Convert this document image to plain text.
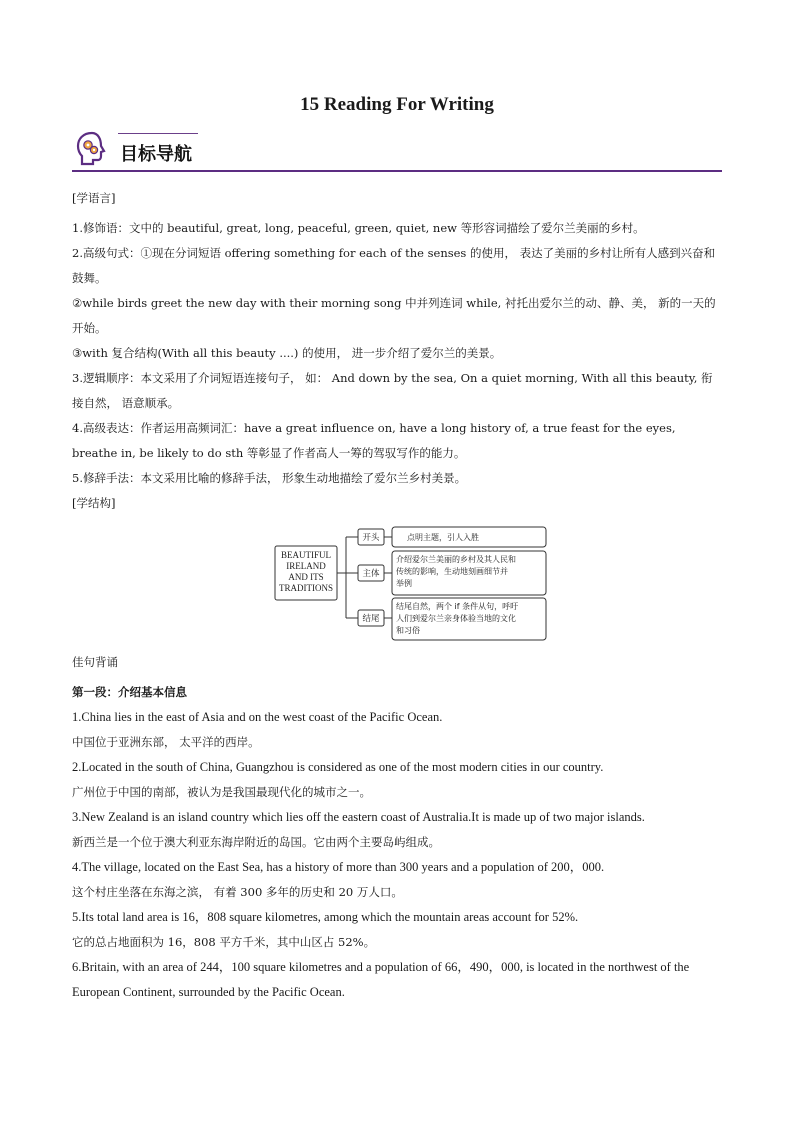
15 Reading For Writing
目标导航

[学语言]

1.修饰语：文中的 beautiful, great, long, peaceful, green, quiet, new 等形容词描绘了爱尔兰美丽的乡村。

2.高级句式：①现在分词短语 offering something for each of the senses 的使用， 表达了美丽的乡村让所有人感到兴奋和鼓舞。

②while birds greet the new day with their morning song 中并列连词 while, 衬托出爱尔兰的动、静、美， 新的一天的开始。

③with 复合结构(With all this beauty ....) 的使用， 进一步介绍了爱尔兰的美景。

3.逻辑顺序：本文采用了介词短语连接句子， 如： And down by the sea, On a quiet morning, With all this beauty, 衔接自然， 语意顺承。

4.高级表达：作者运用高频词汇：have a great influence on, have a long history of, a true feast for the eyes, breathe in, be likely to do sth 等彰显了作者高人一筹的驾驭写作的能力。

5.修辞手法：本文采用比喻的修辞手法， 形象生动地描绘了爱尔兰乡村美景。

[学结构]

BEAUTIFUL
IRELAND
AND ITS
TRADITIONS
开头
主体
结尾
点明主题，引人入胜
介绍爱尔兰美丽的乡村及其人民和
传统的影响，生动地刻画细节并
举例
结尾自然，两个 if 条件从句，呼吁
人们到爱尔兰亲身体验当地的文化
和习俗

佳句背诵

第一段：介绍基本信息

1.China lies in the east of Asia and on the west coast of the Pacific Ocean.

中国位于亚洲东部， 太平洋的西岸。

2.Located in the south of China, Guangzhou is considered as one of the most modern cities in our country.

广州位于中国的南部，被认为是我国最现代化的城市之一。

3.New Zealand is an island country which lies off the eastern coast of Australia.It is made up of two major islands.

新西兰是一个位于澳大利亚东海岸附近的岛国。它由两个主要岛屿组成。

4.The village, located on the East Sea, has a history of more than 300 years and a population of 200，000.

这个村庄坐落在东海之滨， 有着 300 多年的历史和 20 万人口。

5.Its total land area is 16，808 square kilometres, among which the mountain areas account for 52%.

它的总占地面积为 16，808 平方千米，其中山区占 52%。

6.Britain, with an area of 244，100 square kilometres and a population of 66，490，000, is located in the northwest of the European Continent, surrounded by the Pacific Ocean.
